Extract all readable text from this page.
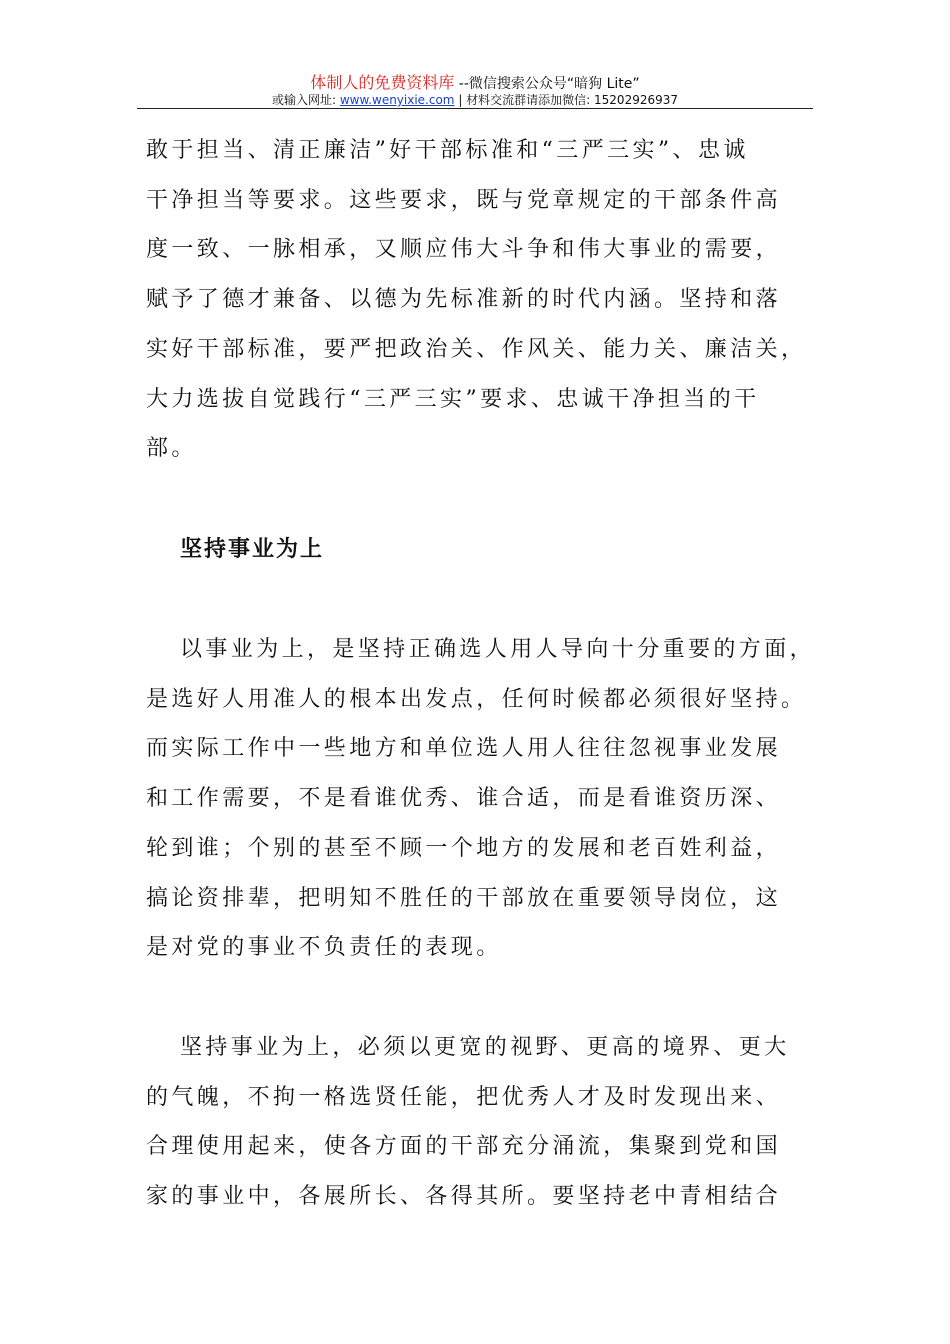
体制人的免费资料库 --微信搜索公众号“暗狗 Lite”
或输入网址: www.wenyixie.com | 材料交流群请添加微信: 15202926937
敢于担当、清正廉洁”好干部标准和“三严三实”、忠诚
干净担当等要求。这些要求，既与党章规定的干部条件高
度一致、一脉相承，又顺应伟大斗争和伟大事业的需要，
赋予了德才兼备、以德为先标准新的时代内涵。坚持和落
实好干部标准，要严把政治关、作风关、能力关、廉洁关，
大力选拔自觉践行“三严三实”要求、忠诚干净担当的干
部。
以事业为上，是坚持正确选人用人导向十分重要的方面，
是选好人用准人的根本出发点，任何时候都必须很好坚持。
而实际工作中一些地方和单位选人用人往往忽视事业发展
和工作需要，不是看谁优秀、谁合适，而是看谁资历深、
轮到谁；个别的甚至不顾一个地方的发展和老百姓利益，
搞论资排辈，把明知不胜任的干部放在重要领导岗位，这
是对党的事业不负责任的表现。
坚持事业为上，必须以更宽的视野、更高的境界、更大
的气魄，不拘一格选贤任能，把优秀人才及时发现出来、
合理使用起来，使各方面的干部充分涌流，集聚到党和国
家的事业中，各展所长、各得其所。要坚持老中青相结合
坚持事业为上
